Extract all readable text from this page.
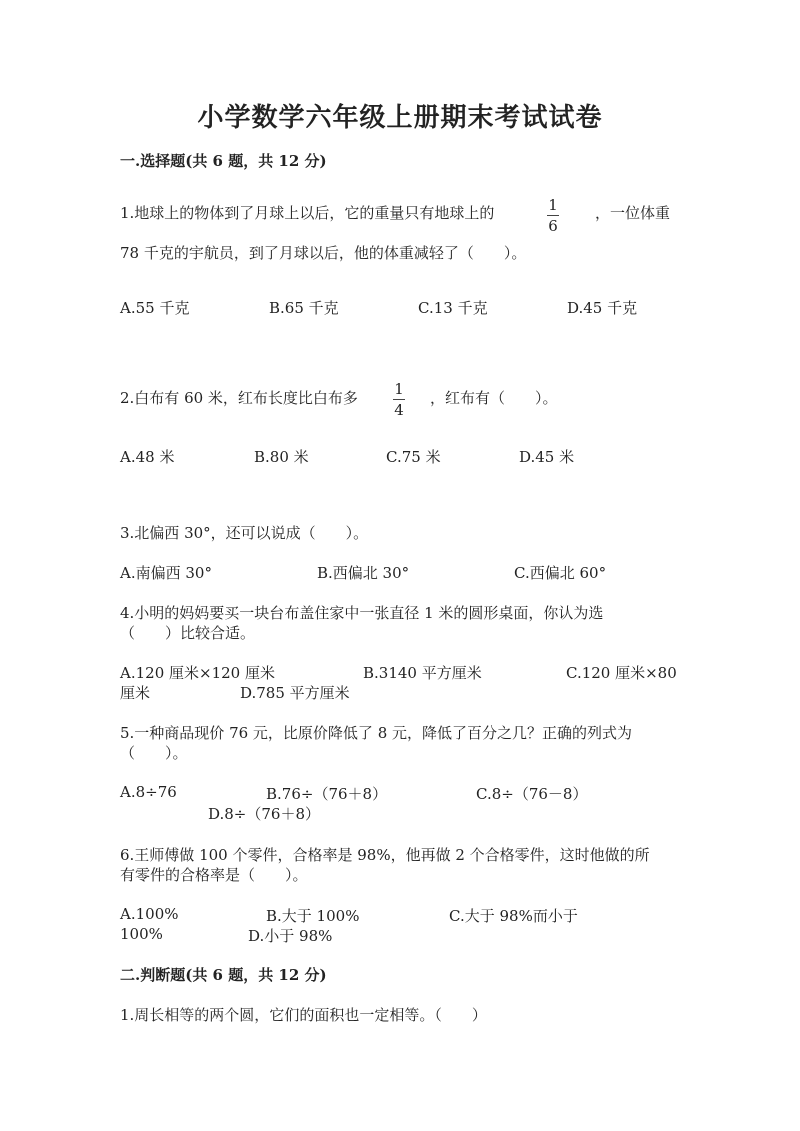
小学数学六年级上册期末考试试卷
一.选择题(共 6 题，共 12 分)
1.地球上的物体到了月球上以后，它的重量只有地球上的	1
6
，一位体重
78 千克的宇航员，到了月球以后，他的体重减轻了（　　）。
A.55 千克	B.65 千克	C.13 千克	D.45 千克
2.白布有 60 米，红布长度比白布多 1
4
，红布有（　　）。
A.48 米	B.80 米	C.75 米	D.45 米
3.北偏西 30°，还可以说成（　　）。
A.南偏西 30°	B.西偏北 30°	C.西偏北 60°
4.小明的妈妈要买一块台布盖住家中一张直径 1 米的圆形桌面，你认为选
（　　）比较合适。
A.120 厘米×120 厘米	B.3140 平方厘米	C.120 厘米×80
厘米	D.785 平方厘米
5.一种商品现价 76 元，比原价降低了 8 元，降低了百分之几？正确的列式为
（　　）。
A.8÷76	B.76÷（76＋8）	C.8÷（76－8）
D.8÷（76＋8）
6.王师傅做 100 个零件，合格率是 98%，他再做 2 个合格零件，这时他做的所
有零件的合格率是（　　）。
A.100%	B.大于 100%	C.大于 98%而小于
100%	D.小于 98%
二.判断题(共 6 题，共 12 分)
1.周长相等的两个圆，它们的面积也一定相等。（　　）
